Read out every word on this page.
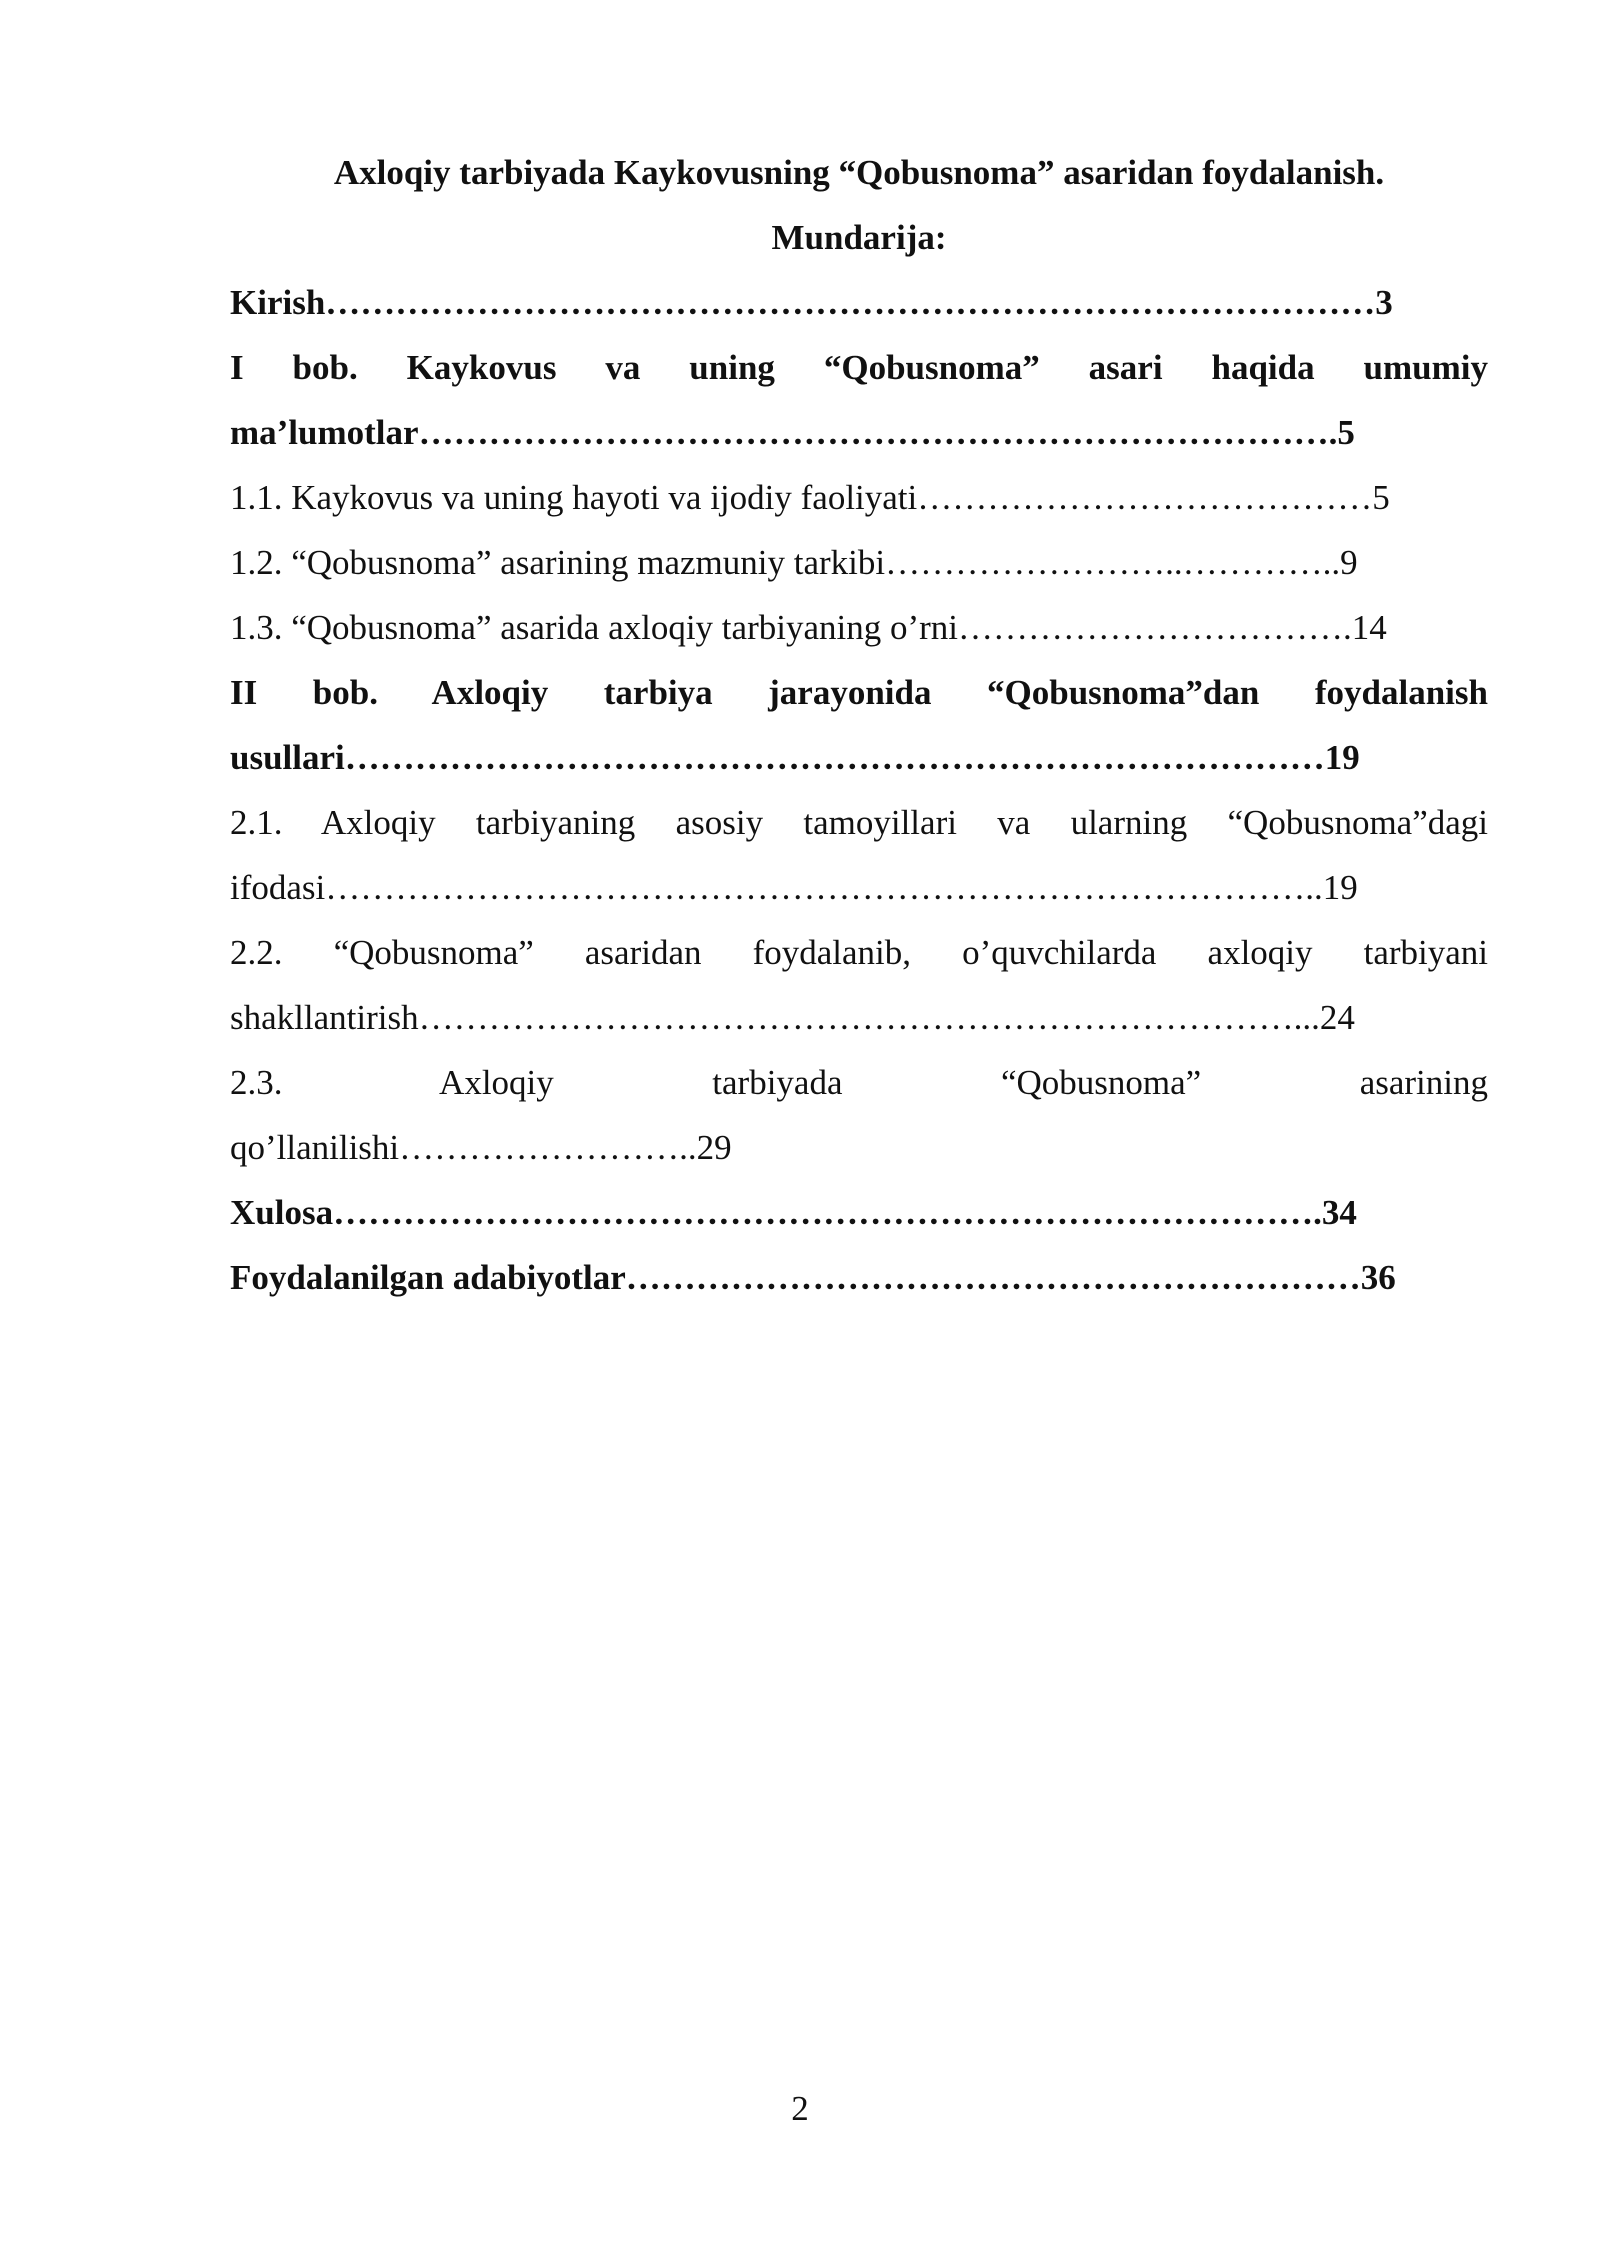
Axloqiy tarbiyada Kaykovusning “Qobusnoma” asaridan foydalanish.
Mundarija:
Kirish………………………………………………………………………………3
I bob. Kaykovus va uning “Qobusnoma” asari haqida umumiy
ma’lumotlar…………………………………………………………………….5
1.1. Kaykovus va uning hayoti va ijodiy faoliyati…………………………………5
1.2. “Qobusnoma” asarining mazmuniy tarkibi……………………..…………..9
1.3. “Qobusnoma” asarida axloqiy tarbiyaning o’rni…………………………….14
II bob. Axloqiy tarbiya jarayonida “Qobusnoma”dan foydalanish
usullari…………………………………………………………………………19
2.1. Axloqiy tarbiyaning asosiy tamoyillari va ularning “Qobusnoma”dagi
ifodasi…………………………………………………………………………..19
2.2. “Qobusnoma” asaridan foydalanib, o’quvchilarda axloqiy tarbiyani
shakllantirish…………………………………………………………………...24
2.3. Axloqiy tarbiyada “Qobusnoma” asarining
qo’llanilishi……………………..29
Xulosa………………………………………………………………………….34
Foydalanilgan adabiyotlar………………………………………………………36
2
